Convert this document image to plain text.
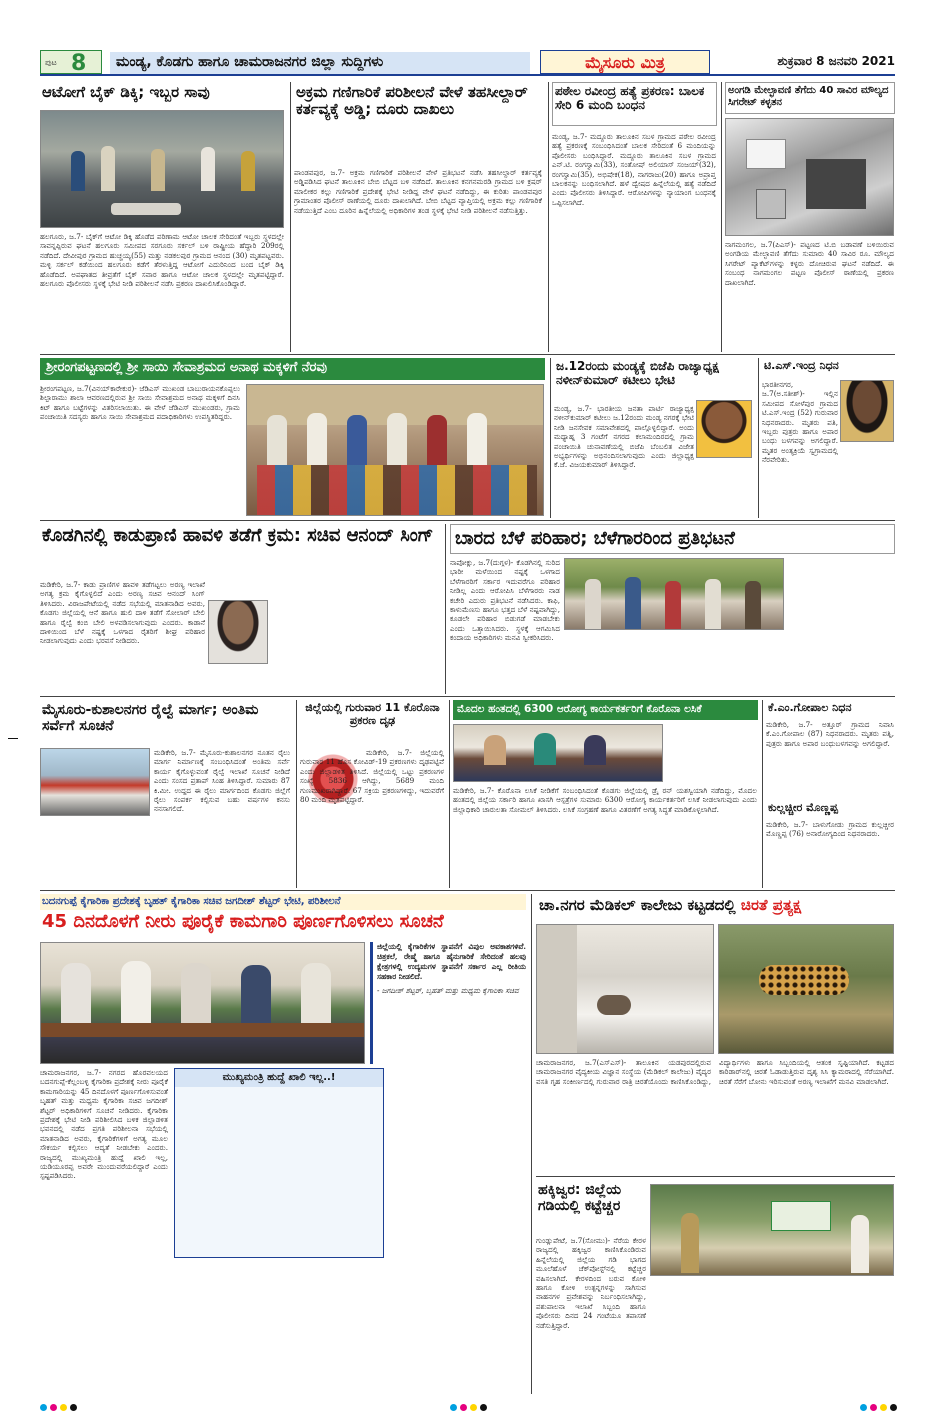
ಪುಟ 8	ಮಂಡ್ಯ, ಕೊಡಗು ಹಾಗೂ ಚಾಮರಾಜನಗರ ಜಿಲ್ಲಾ ಸುದ್ದಿಗಳು	ಮೈಸೂರು ಮಿತ್ರ	ಶುಕ್ರವಾರ 8 ಜನವರಿ 2021
ಆಟೋಗೆ ಬೈಕ್ ಡಿಕ್ಕಿ; ಇಬ್ಬರ ಸಾವು
ಹಲಗೂರು, ಜ.7- ಬೈಕ್‌ಗೆ ಆಟೋ ಡಿಕ್ಕಿ ಹೊಡೆದ ಪರಿಣಾಮ ಆಟೋ ಚಾಲಕ ಸೇರಿದಂತೆ ಇಬ್ಬರು ಸ್ಥಳದಲ್ಲೇ ಸಾವನ್ನಪ್ಪಿರುವ ಘಟನೆ ಹಲಗೂರು ಸಮೀಪದ ಸರಗೂರು ಸರ್ಕಲ್ ಬಳಿ ರಾಷ್ಟ್ರೀಯ ಹೆದ್ದಾರಿ 209ರಲ್ಲಿ ನಡೆದಿದೆ. ದೇವೀಪುರ ಗ್ರಾಮದ ಹುಚ್ಚಯ್ಯ(55) ಮತ್ತು ನಡಕಲಪುರ ಗ್ರಾಮದ ಆನಂದ (30) ಮೃತಪಟ್ಟವರು. ಮಳ್ಳಿ ಸರ್ಕಲ್ ಕಡೆಯಿಂದ ಹಲಗೂರು ಕಡೆಗೆ ತೆರಳುತ್ತಿದ್ದ ಆಟೋಗೆ ಎದುರಿನಿಂದ ಬಂದ ಬೈಕ್ ಡಿಕ್ಕಿ ಹೊಡೆದಿದೆ. ಅಪಘಾತದ ತೀವ್ರತೆಗೆ ಬೈಕ್ ಸವಾರ ಹಾಗೂ ಆಟೋ ಚಾಲಕ ಸ್ಥಳದಲ್ಲೇ ಮೃತಪಟ್ಟಿದ್ದಾರೆ. ಹಲಗೂರು ಪೊಲೀಸರು ಸ್ಥಳಕ್ಕೆ ಭೇಟಿ ನೀಡಿ ಪರಿಶೀಲನೆ ನಡೆಸಿ ಪ್ರಕರಣ ದಾಖಲಿಸಿಕೊಂಡಿದ್ದಾರೆ.
ಅಕ್ರಮ ಗಣಿಗಾರಿಕೆ ಪರಿಶೀಲನೆ ವೇಳೆ ತಹಸೀಲ್ದಾರ್ ಕರ್ತವ್ಯಕ್ಕೆ ಅಡ್ಡಿ; ದೂರು ದಾಖಲು
ಪಾಂಡವಪುರ, ಜ.7- ಅಕ್ರಮ ಗಣಿಗಾರಿಕೆ ಪರಿಶೀಲನೆ ವೇಳೆ ಪ್ರತಿಭಟನೆ ನಡೆಸಿ ತಹಸೀಲ್ದಾರ್ ಕರ್ತವ್ಯಕ್ಕೆ ಅಡ್ಡಿಪಡಿಸಿದ ಘಟನೆ ತಾಲೂಕಿನ ಬೇಬಿ ಬೆಟ್ಟದ ಬಳಿ ನಡೆದಿದೆ. ತಾಲೂಕಿನ ಕನಗನಮರಡಿ ಗ್ರಾಮದ ಬಳಿ ಕ್ರಷರ್ ಮಾಲೀಕರ ಕಲ್ಲು ಗಣಿಗಾರಿಕೆ ಪ್ರದೇಶಕ್ಕೆ ಭೇಟಿ ನೀಡಿದ್ದ ವೇಳೆ ಘಟನೆ ನಡೆದಿದ್ದು, ಈ ಕುರಿತು ಪಾಂಡವಪುರ ಗ್ರಾಮಾಂತರ ಪೊಲೀಸ್ ಠಾಣೆಯಲ್ಲಿ ದೂರು ದಾಖಲಾಗಿದೆ. ಬೇಬಿ ಬೆಟ್ಟದ ವ್ಯಾಪ್ತಿಯಲ್ಲಿ ಅಕ್ರಮ ಕಲ್ಲು ಗಣಿಗಾರಿಕೆ ನಡೆಯುತ್ತಿದೆ ಎಂಬ ದೂರಿನ ಹಿನ್ನೆಲೆಯಲ್ಲಿ ಅಧಿಕಾರಿಗಳ ತಂಡ ಸ್ಥಳಕ್ಕೆ ಭೇಟಿ ನೀಡಿ ಪರಿಶೀಲನೆ ನಡೆಸುತ್ತಿತ್ತು.
ಪಠೇಲ ರವೀಂದ್ರ ಹತ್ಯೆ ಪ್ರಕರಣ: ಬಾಲಕ ಸೇರಿ 6 ಮಂದಿ ಬಂಧನ
ಮಂಡ್ಯ, ಜ.7- ಮದ್ದೂರು ತಾಲೂಕಿನ ಸಬಳ ಗ್ರಾಮದ ಪಠೇಲ ರವೀಂದ್ರ ಹತ್ಯೆ ಪ್ರಕರಣಕ್ಕೆ ಸಂಬಂಧಿಸಿದಂತೆ ಬಾಲಕ ಸೇರಿದಂತೆ 6 ಮಂದಿಯನ್ನು ಪೊಲೀಸರು ಬಂಧಿಸಿದ್ದಾರೆ. ಮದ್ದೂರು ತಾಲೂಕಿನ ಸಬಳ ಗ್ರಾಮದ ಎನ್.ಟಿ. ರಂಗಸ್ವಾಮಿ(33), ಸಂತೋಷ್ ಅಲಿಯಾಸ್ ಸಂಜಯ್(32), ರಂಗಸ್ವಾಮಿ(35), ಅಭಿಷೇಕ(18), ನಾಗರಾಜು(20) ಹಾಗೂ ಅಪ್ರಾಪ್ತ ಬಾಲಕನನ್ನು ಬಂಧಿಸಲಾಗಿದೆ. ಹಳೆ ದ್ವೇಷದ ಹಿನ್ನೆಲೆಯಲ್ಲಿ ಹತ್ಯೆ ನಡೆದಿದೆ ಎಂದು ಪೊಲೀಸರು ತಿಳಿಸಿದ್ದಾರೆ. ಆರೋಪಿಗಳನ್ನು ನ್ಯಾಯಾಂಗ ಬಂಧನಕ್ಕೆ ಒಪ್ಪಿಸಲಾಗಿದೆ.
ಅಂಗಡಿ ಮೇಲ್ಛಾವಣಿ ತೆಗೆದು 40 ಸಾವಿರ ಮೌಲ್ಯದ ಸಿಗರೇಟ್ ಕಳ್ಳತನ
ನಾಗಮಂಗಲ, ಜ.7(ಪಿಎಸ್‌)- ಪಟ್ಟಣದ ಟಿ.ಬಿ ಬಡಾವಣೆ ಬಳಿಯಿರುವ ಅಂಗಡಿಯ ಮೇಲ್ಛಾವಣಿ ತೆಗೆದು ಸುಮಾರು 40 ಸಾವಿರ ರೂ. ಮೌಲ್ಯದ ಸಿಗರೇಟ್ ಪ್ಯಾಕೆಟ್‌ಗಳನ್ನು ಕಳ್ಳರು ದೋಚಿರುವ ಘಟನೆ ನಡೆದಿದೆ. ಈ ಸಂಬಂಧ ನಾಗಮಂಗಲ ಪಟ್ಟಣ ಪೊಲೀಸ್ ಠಾಣೆಯಲ್ಲಿ ಪ್ರಕರಣ ದಾಖಲಾಗಿದೆ.
ಶ್ರೀರಂಗಪಟ್ಟಣದಲ್ಲಿ ಶ್ರೀ ಸಾಯಿ ಸೇವಾಶ್ರಮದ ಅನಾಥ ಮಕ್ಕಳಿಗೆ ನೆರವು
ಶ್ರೀರಂಗಪಟ್ಟಣ, ಜ.7(ವಿನಯ್‌ಕಾರೇಕುರ)- ಜೆಡಿಎಸ್ ಮುಖಂಡ ಬಾಬುರಾಯನಕೊಪ್ಪಲು ಶಿಲ್ಪಾರಾಮು ಶಾಲಾ ಆವರಣದಲ್ಲಿರುವ ಶ್ರೀ ಸಾಯಿ ಸೇವಾಶ್ರಮದ ಅನಾಥ ಮಕ್ಕಳಿಗೆ ದಿನಸಿ ಕಿಟ್ ಹಾಗೂ ಬಟ್ಟೆಗಳನ್ನು ವಿತರಿಸಲಾಯಿತು. ಈ ವೇಳೆ ಜೆಡಿಎಸ್ ಮುಖಂಡರು, ಗ್ರಾಮ ಪಂಚಾಯಿತಿ ಸದಸ್ಯರು ಹಾಗೂ ಸಾಯಿ ಸೇವಾಶ್ರಮದ ಪದಾಧಿಕಾರಿಗಳು ಉಪಸ್ಥಿತರಿದ್ದರು.
ಜ.12ರಂದು ಮಂಡ್ಯಕ್ಕೆ ಬಿಜೆಪಿ ರಾಜ್ಯಾಧ್ಯಕ್ಷ ನಳೀನ್‌ಕುಮಾರ್ ಕಟೀಲು ಭೇಟಿ
ಮಂಡ್ಯ, ಜ.7- ಭಾರತೀಯ ಜನತಾ ಪಾರ್ಟಿ ರಾಜ್ಯಾಧ್ಯಕ್ಷ ನಳೀನ್‌ಕುಮಾರ್ ಕಟೀಲು ಜ.12ರಂದು ಮಂಡ್ಯ ನಗರಕ್ಕೆ ಭೇಟಿ ನೀಡಿ ಜನಸೇವಕ ಸಮಾವೇಶದಲ್ಲಿ ಪಾಲ್ಗೊಳ್ಳಲಿದ್ದಾರೆ. ಅಂದು ಮಧ್ಯಾಹ್ನ 3 ಗಂಟೆಗೆ ನಗರದ ಕಲಾಮಂದಿರದಲ್ಲಿ ಗ್ರಾಮ ಪಂಚಾಯಿತಿ ಚುನಾವಣೆಯಲ್ಲಿ ಬಿಜೆಪಿ ಬೆಂಬಲಿತ ವಿಜೇತ ಅಭ್ಯರ್ಥಿಗಳನ್ನು ಅಭಿನಂದಿಸಲಾಗುವುದು ಎಂದು ಜಿಲ್ಲಾಧ್ಯಕ್ಷ ಕೆ.ಜೆ. ವಿಜಯಕುಮಾರ್ ತಿಳಿಸಿದ್ದಾರೆ.
ಟಿ.ಎಸ್.ಇಂದ್ರ ನಿಧನ
ಭಾರತೀನಗರ, ಜ.7(ಅ.ಸತೀಶ್)- ಇಲ್ಲಿನ ಸಮೀಪದ ಸೋಳೆಪುರ ಗ್ರಾಮದ ಟಿ.ಎಸ್.ಇಂದ್ರ (52) ಗುರುವಾರ ನಿಧನರಾದರು. ಮೃತರು ಪತಿ, ಇಬ್ಬರು ಪುತ್ರರು ಹಾಗೂ ಅಪಾರ ಬಂಧು ಬಳಗವನ್ನು ಅಗಲಿದ್ದಾರೆ. ಮೃತರ ಅಂತ್ಯಕ್ರಿಯೆ ಸ್ವಗ್ರಾಮದಲ್ಲಿ ನೆರವೇರಿತು.
ಕೊಡಗಿನಲ್ಲಿ ಕಾಡುಪ್ರಾಣಿ ಹಾವಳಿ ತಡೆಗೆ ಕ್ರಮ: ಸಚಿವ ಆನಂದ್ ಸಿಂಗ್
ಮಡಿಕೇರಿ, ಜ.7- ಕಾಡು ಪ್ರಾಣಿಗಳ ಹಾವಳಿ ತಡೆಗಟ್ಟಲು ಅರಣ್ಯ ಇಲಾಖೆ ಅಗತ್ಯ ಕ್ರಮ ಕೈಗೊಳ್ಳಲಿದೆ ಎಂದು ಅರಣ್ಯ ಸಚಿವ ಆನಂದ್ ಸಿಂಗ್ ತಿಳಿಸಿದರು. ವಿರಾಜಪೇಟೆಯಲ್ಲಿ ನಡೆದ ಸಭೆಯಲ್ಲಿ ಮಾತನಾಡಿದ ಅವರು, ಕೊಡಗು ಜಿಲ್ಲೆಯಲ್ಲಿ ಆನೆ ಹಾಗೂ ಹುಲಿ ದಾಳಿ ತಡೆಗೆ ಸೋಲಾರ್ ಬೇಲಿ ಹಾಗೂ ರೈಲ್ವೆ ಕಂಬಿ ಬೇಲಿ ಅಳವಡಿಸಲಾಗುವುದು ಎಂದರು. ಕಾಡಾನೆ ದಾಳಿಯಿಂದ ಬೆಳೆ ನಷ್ಟಕ್ಕೆ ಒಳಗಾದ ರೈತರಿಗೆ ಶೀಘ್ರ ಪರಿಹಾರ ನೀಡಲಾಗುವುದು ಎಂದು ಭರವಸೆ ನೀಡಿದರು.
ಬಾರದ ಬೆಳೆ ಪರಿಹಾರ; ಬೆಳೆಗಾರರಿಂದ ಪ್ರತಿಭಟನೆ
ನಾಪೋಕ್ಲು, ಜ.7(ದುಗ್ಗಳ)- ಕೊಡಗಿನಲ್ಲಿ ಸುರಿದ ಭಾರೀ ಮಳೆಯಿಂದ ನಷ್ಟಕ್ಕೆ ಒಳಗಾದ ಬೆಳೆಗಾರರಿಗೆ ಸರ್ಕಾರ ಇದುವರೆಗೂ ಪರಿಹಾರ ನೀಡಿಲ್ಲ ಎಂದು ಆರೋಪಿಸಿ ಬೆಳೆಗಾರರು ನಾಡ ಕಚೇರಿ ಎದುರು ಪ್ರತಿಭಟನೆ ನಡೆಸಿದರು. ಕಾಫಿ, ಕಾಳುಮೆಣಸು ಹಾಗೂ ಭತ್ತದ ಬೆಳೆ ನಷ್ಟವಾಗಿದ್ದು, ಕೂಡಲೇ ಪರಿಹಾರ ಬಿಡುಗಡೆ ಮಾಡಬೇಕು ಎಂದು ಒತ್ತಾಯಿಸಿದರು. ಸ್ಥಳಕ್ಕೆ ಆಗಮಿಸಿದ ಕಂದಾಯ ಅಧಿಕಾರಿಗಳು ಮನವಿ ಸ್ವೀಕರಿಸಿದರು.
ಮೈಸೂರು-ಕುಶಾಲನಗರ ರೈಲ್ವೆ ಮಾರ್ಗ; ಅಂತಿಮ ಸರ್ವೆಗೆ ಸೂಚನೆ
ಮಡಿಕೇರಿ, ಜ.7- ಮೈಸೂರು-ಕುಶಾಲನಗರ ನೂತನ ರೈಲು ಮಾರ್ಗ ನಿರ್ಮಾಣಕ್ಕೆ ಸಂಬಂಧಿಸಿದಂತೆ ಅಂತಿಮ ಸರ್ವೆ ಕಾರ್ಯ ಕೈಗೊಳ್ಳುವಂತೆ ರೈಲ್ವೆ ಇಲಾಖೆ ಸೂಚನೆ ನೀಡಿದೆ ಎಂದು ಸಂಸದ ಪ್ರತಾಪ್ ಸಿಂಹ ತಿಳಿಸಿದ್ದಾರೆ. ಸುಮಾರು 87 ಕಿ.ಮೀ. ಉದ್ದದ ಈ ರೈಲು ಮಾರ್ಗದಿಂದ ಕೊಡಗು ಜಿಲ್ಲೆಗೆ ರೈಲು ಸಂಪರ್ಕ ಕಲ್ಪಿಸುವ ಬಹು ವರ್ಷಗಳ ಕನಸು ನನಸಾಗಲಿದೆ.
ಜಿಲ್ಲೆಯಲ್ಲಿ ಗುರುವಾರ 11 ಕೊರೊನಾ ಪ್ರಕರಣ ದೃಢ
ಮಡಿಕೇರಿ, ಜ.7- ಜಿಲ್ಲೆಯಲ್ಲಿ ಗುರುವಾರ 11 ಹೊಸ ಕೋವಿಡ್-19 ಪ್ರಕರಣಗಳು ದೃಢಪಟ್ಟಿವೆ ಎಂದು ಜಿಲ್ಲಾಡಳಿತ ತಿಳಿಸಿದೆ. ಜಿಲ್ಲೆಯಲ್ಲಿ ಒಟ್ಟು ಪ್ರಕರಣಗಳ ಸಂಖ್ಯೆ 5836 ಆಗಿದ್ದು, 5689 ಮಂದಿ ಗುಣಮುಖರಾಗಿದ್ದಾರೆ. 67 ಸಕ್ರಿಯ ಪ್ರಕರಣಗಳಿದ್ದು, ಇದುವರೆಗೆ 80 ಮಂದಿ ಮೃತಪಟ್ಟಿದ್ದಾರೆ.
ಮೊದಲ ಹಂತದಲ್ಲಿ 6300 ಆರೋಗ್ಯ ಕಾರ್ಯಕರ್ತರಿಗೆ ಕೊರೊನಾ ಲಸಿಕೆ
ಮಡಿಕೇರಿ, ಜ.7- ಕೊರೊನಾ ಲಸಿಕೆ ನೀಡಿಕೆಗೆ ಸಂಬಂಧಿಸಿದಂತೆ ಕೊಡಗು ಜಿಲ್ಲೆಯಲ್ಲಿ ಡ್ರೈ ರನ್ ಯಶಸ್ವಿಯಾಗಿ ನಡೆದಿದ್ದು, ಮೊದಲ ಹಂತದಲ್ಲಿ ಜಿಲ್ಲೆಯ ಸರ್ಕಾರಿ ಹಾಗೂ ಖಾಸಗಿ ಆಸ್ಪತ್ರೆಗಳ ಸುಮಾರು 6300 ಆರೋಗ್ಯ ಕಾರ್ಯಕರ್ತರಿಗೆ ಲಸಿಕೆ ನೀಡಲಾಗುವುದು ಎಂದು ಜಿಲ್ಲಾಧಿಕಾರಿ ಚಾರುಲತಾ ಸೋಮಲ್ ತಿಳಿಸಿದರು. ಲಸಿಕೆ ಸಂಗ್ರಹಣೆ ಹಾಗೂ ವಿತರಣೆಗೆ ಅಗತ್ಯ ಸಿದ್ಧತೆ ಮಾಡಿಕೊಳ್ಳಲಾಗಿದೆ.
ಕೆ.ಎಂ.ಗೋಪಾಲ ನಿಧನ
ಮಡಿಕೇರಿ, ಜ.7- ಅತ್ತೂರ್ ಗ್ರಾಮದ ನಿವಾಸಿ ಕೆ.ಎಂ.ಗೋಪಾಲ (87) ನಿಧನರಾದರು. ಮೃತರು ಪತ್ನಿ, ಪುತ್ರರು ಹಾಗೂ ಅಪಾರ ಬಂಧುಬಳಗವನ್ನು ಅಗಲಿದ್ದಾರೆ.
ಕುಲ್ಲಚ್ಚೀರ ಮೊಣ್ಣಪ್ಪ
ಮಡಿಕೇರಿ, ಜ.7- ಬಾಳುಗೋಡು ಗ್ರಾಮದ ಕುಲ್ಲಚ್ಚೀರ ಮೊಣ್ಣಪ್ಪ (76) ಅನಾರೋಗ್ಯದಿಂದ ನಿಧನರಾದರು.
ಬದನಗುಪ್ಪೆ ಕೈಗಾರಿಕಾ ಪ್ರದೇಶಕ್ಕೆ ಬೃಹತ್ ಕೈಗಾರಿಕಾ ಸಚಿವ ಜಗದೀಶ್ ಶೆಟ್ಟರ್ ಭೇಟಿ, ಪರಿಶೀಲನೆ
45 ದಿನದೊಳಗೆ ನೀರು ಪೂರೈಕೆ ಕಾಮಗಾರಿ ಪೂರ್ಣಗೊಳಿಸಲು ಸೂಚನೆ
ಜಿಲ್ಲೆಯಲ್ಲಿ ಕೈಗಾರಿಕೆಗಳ ಸ್ಥಾಪನೆಗೆ ವಿಪುಲ ಅವಕಾಶಗಳಿವೆ. ಚಿತ್ರಕಲೆ, ರೇಷ್ಮೆ ಹಾಗೂ ಹೈನುಗಾರಿಕೆ ಸೇರಿದಂತೆ ಹಲವು ಕ್ಷೇತ್ರಗಳಲ್ಲಿ ಉದ್ಯಮಗಳ ಸ್ಥಾಪನೆಗೆ ಸರ್ಕಾರ ಎಲ್ಲ ರೀತಿಯ ಸಹಕಾರ ನೀಡಲಿದೆ.
- ಜಗದೀಶ್ ಶೆಟ್ಟರ್, ಬೃಹತ್ ಮತ್ತು ಮಧ್ಯಮ ಕೈಗಾರಿಕಾ ಸಚಿವ
ಚಾಮರಾಜನಗರ, ಜ.7- ನಗರದ ಹೊರವಲಯದ ಬದನಗುಪ್ಪೆ-ಕೆಲ್ಲಂಬಳ್ಳಿ ಕೈಗಾರಿಕಾ ಪ್ರದೇಶಕ್ಕೆ ನೀರು ಪೂರೈಕೆ ಕಾಮಗಾರಿಯನ್ನು 45 ದಿನದೊಳಗೆ ಪೂರ್ಣಗೊಳಿಸುವಂತೆ ಬೃಹತ್ ಮತ್ತು ಮಧ್ಯಮ ಕೈಗಾರಿಕಾ ಸಚಿವ ಜಗದೀಶ್ ಶೆಟ್ಟರ್ ಅಧಿಕಾರಿಗಳಿಗೆ ಸೂಚನೆ ನೀಡಿದರು. ಕೈಗಾರಿಕಾ ಪ್ರದೇಶಕ್ಕೆ ಭೇಟಿ ನೀಡಿ ಪರಿಶೀಲಿಸಿದ ಬಳಿಕ ಜಿಲ್ಲಾಡಳಿತ ಭವನದಲ್ಲಿ ನಡೆದ ಪ್ರಗತಿ ಪರಿಶೀಲನಾ ಸಭೆಯಲ್ಲಿ ಮಾತನಾಡಿದ ಅವರು, ಕೈಗಾರಿಕೆಗಳಿಗೆ ಅಗತ್ಯ ಮೂಲ ಸೌಕರ್ಯ ಕಲ್ಪಿಸಲು ಆದ್ಯತೆ ನೀಡಬೇಕು ಎಂದರು. ರಾಜ್ಯದಲ್ಲಿ ಮುಖ್ಯಮಂತ್ರಿ ಹುದ್ದೆ ಖಾಲಿ ಇಲ್ಲ, ಯಡಿಯೂರಪ್ಪ ಅವರೇ ಮುಂದುವರೆಯಲಿದ್ದಾರೆ ಎಂದು ಸ್ಪಷ್ಟಪಡಿಸಿದರು.
ಮುಖ್ಯಮಂತ್ರಿ ಹುದ್ದೆ ಖಾಲಿ ಇಲ್ಲ..!
ಚಾ.ನಗರ ಮೆಡಿಕಲ್ ಕಾಲೇಜು ಕಟ್ಟಡದಲ್ಲಿ ಚಿರತೆ ಪ್ರತ್ಯಕ್ಷ
ಚಾಮರಾಜನಗರ, ಜ.7(ಎಸ್‌ಎಸ್)- ತಾಲೂಕಿನ ಯಡಪುರದಲ್ಲಿರುವ ಚಾಮರಾಜನಗರ ವೈದ್ಯಕೀಯ ವಿಜ್ಞಾನ ಸಂಸ್ಥೆಯ (ಮೆಡಿಕಲ್ ಕಾಲೇಜು) ವೈದ್ಯರ ವಸತಿ ಗೃಹ ಸಂಕೀರ್ಣದಲ್ಲಿ ಗುರುವಾರ ರಾತ್ರಿ ಚಿರತೆಯೊಂದು ಕಾಣಿಸಿಕೊಂಡಿದ್ದು, ವಿದ್ಯಾರ್ಥಿಗಳು ಹಾಗೂ ಸಿಬ್ಬಂದಿಯಲ್ಲಿ ಆತಂಕ ಸೃಷ್ಟಿಯಾಗಿದೆ. ಕಟ್ಟಡದ ಕಾರಿಡಾರ್‌ನಲ್ಲಿ ಚಿರತೆ ಓಡಾಡುತ್ತಿರುವ ದೃಶ್ಯ ಸಿಸಿ ಕ್ಯಾಮರಾದಲ್ಲಿ ಸೆರೆಯಾಗಿದೆ. ಚಿರತೆ ಸೆರೆಗೆ ಬೋನು ಇರಿಸುವಂತೆ ಅರಣ್ಯ ಇಲಾಖೆಗೆ ಮನವಿ ಮಾಡಲಾಗಿದೆ.
ಹಕ್ಕಿಜ್ವರ: ಜಿಲ್ಲೆಯ ಗಡಿಯಲ್ಲಿ ಕಟ್ಟೆಚ್ಚರ
ಗುಂಡ್ಲುಪೇಟೆ, ಜ.7(ಸೋಮು)- ನೆರೆಯ ಕೇರಳ ರಾಜ್ಯದಲ್ಲಿ ಹಕ್ಕಿಜ್ವರ ಕಾಣಿಸಿಕೊಂಡಿರುವ ಹಿನ್ನೆಲೆಯಲ್ಲಿ ಜಿಲ್ಲೆಯ ಗಡಿ ಭಾಗದ ಮೂಲೆಹೊಳೆ ಚೆಕ್‌ಪೋಸ್ಟ್‌ನಲ್ಲಿ ಕಟ್ಟೆಚ್ಚರ ವಹಿಸಲಾಗಿದೆ. ಕೇರಳದಿಂದ ಬರುವ ಕೋಳಿ ಹಾಗೂ ಕೋಳಿ ಉತ್ಪನ್ನಗಳನ್ನು ಸಾಗಿಸುವ ವಾಹನಗಳ ಪ್ರವೇಶವನ್ನು ನಿರ್ಬಂಧಿಸಲಾಗಿದ್ದು, ಪಶುಪಾಲನಾ ಇಲಾಖೆ ಸಿಬ್ಬಂದಿ ಹಾಗೂ ಪೊಲೀಸರು ದಿನದ 24 ಗಂಟೆಯೂ ತಪಾಸಣೆ ನಡೆಸುತ್ತಿದ್ದಾರೆ.
